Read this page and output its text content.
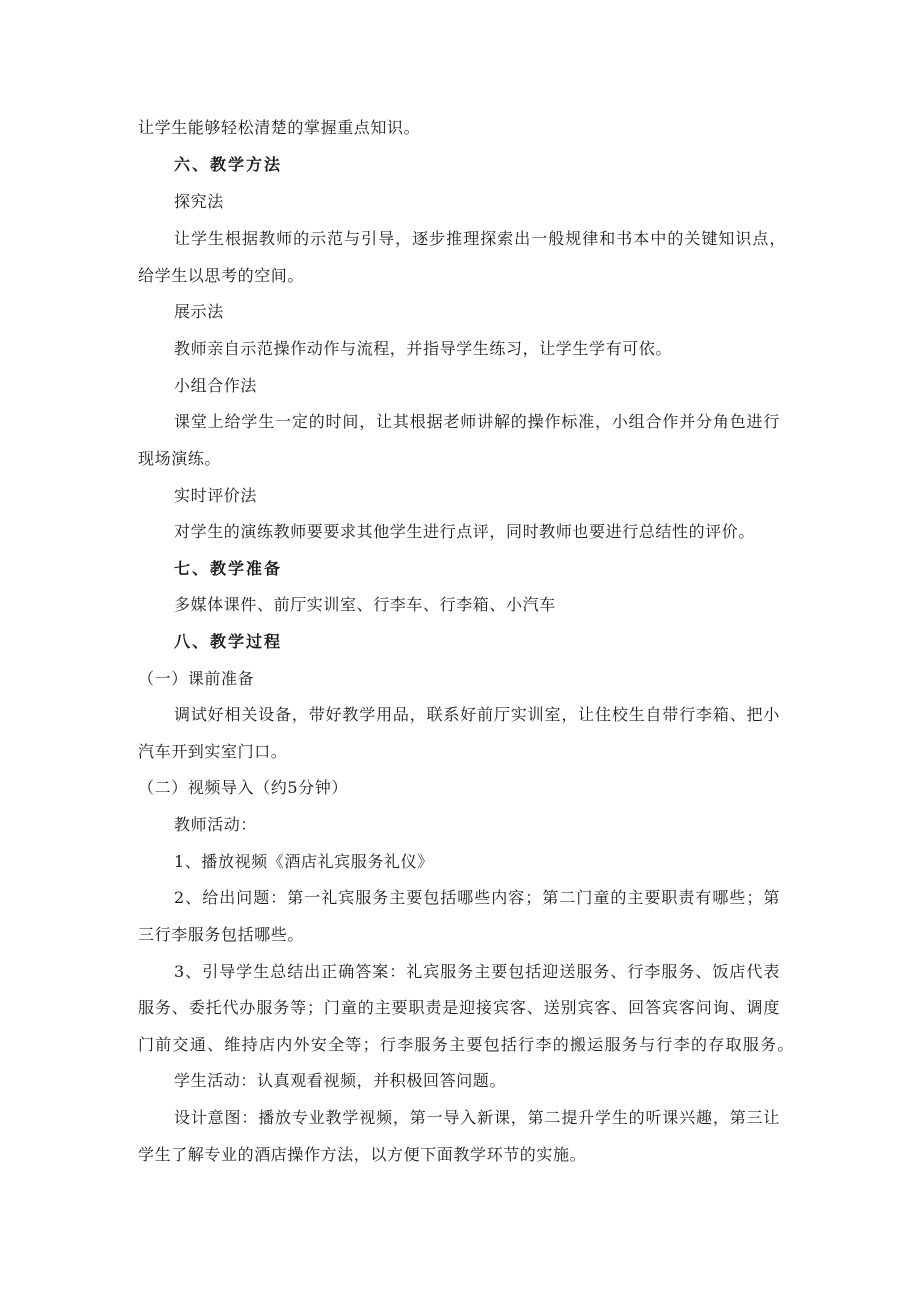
让学生能够轻松清楚的掌握重点知识。
六、教学方法
探究法
让学生根据教师的示范与引导，逐步推理探索出一般规律和书本中的关键知识点，
给学生以思考的空间。
展示法
教师亲自示范操作动作与流程，并指导学生练习，让学生学有可依。
小组合作法
课堂上给学生一定的时间，让其根据老师讲解的操作标准，小组合作并分角色进行
现场演练。
实时评价法
对学生的演练教师要要求其他学生进行点评，同时教师也要进行总结性的评价。
七、教学准备
多媒体课件、前厅实训室、行李车、行李箱、小汽车
八、教学过程
（一）课前准备
调试好相关设备，带好教学用品，联系好前厅实训室，让住校生自带行李箱、把小
汽车开到实室门口。
（二）视频导入（约5分钟）
教师活动：
1、播放视频《酒店礼宾服务礼仪》
2、给出问题：第一礼宾服务主要包括哪些内容；第二门童的主要职责有哪些；第
三行李服务包括哪些。
3、引导学生总结出正确答案：礼宾服务主要包括迎送服务、行李服务、饭店代表
服务、委托代办服务等；门童的主要职责是迎接宾客、送别宾客、回答宾客问询、调度
门前交通、维持店内外安全等；行李服务主要包括行李的搬运服务与行李的存取服务。
学生活动：认真观看视频，并积极回答问题。
设计意图：播放专业教学视频，第一导入新课，第二提升学生的听课兴趣，第三让
学生了解专业的酒店操作方法，以方便下面教学环节的实施。
